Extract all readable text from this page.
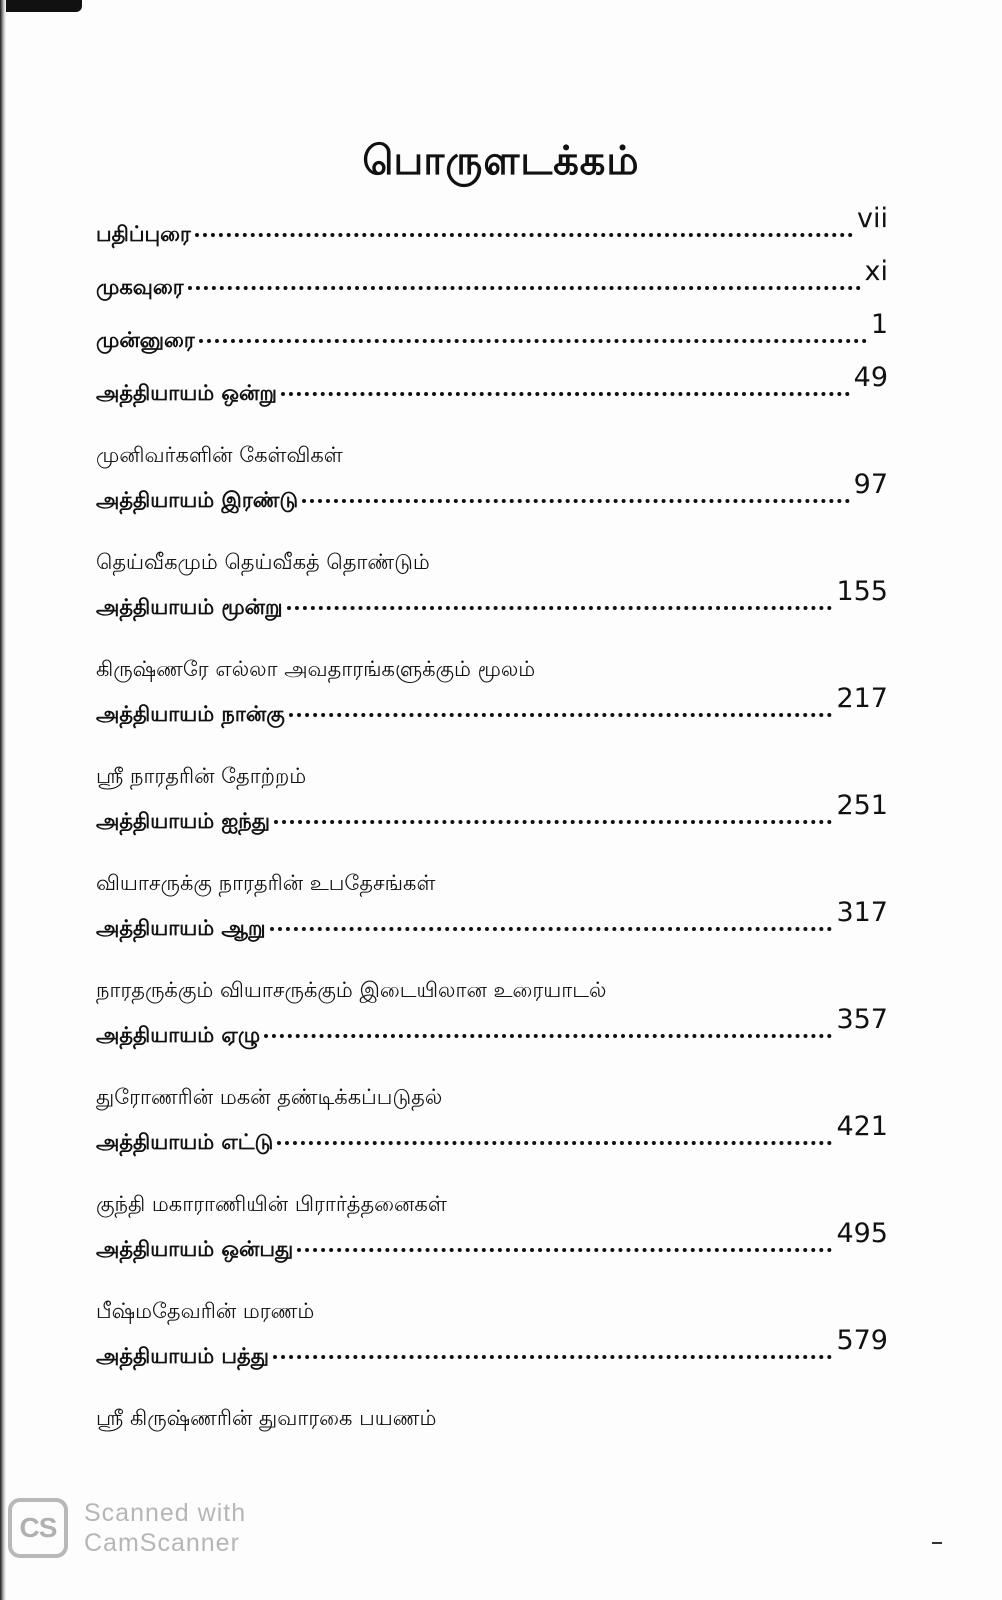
பொருளடக்கம்
பதிப்புரை	vii
முகவுரை	xi
முன்னுரை	1
அத்தியாயம் ஒன்று	49
முனிவர்களின் கேள்விகள்
அத்தியாயம் இரண்டு	97
தெய்வீகமும் தெய்வீகத் தொண்டும்
அத்தியாயம் மூன்று	155
கிருஷ்ணரே எல்லா அவதாரங்களுக்கும் மூலம்
அத்தியாயம் நான்கு	217
ஸ்ரீ நாரதரின் தோற்றம்
அத்தியாயம் ஐந்து	251
வியாசருக்கு நாரதரின் உபதேசங்கள்
அத்தியாயம் ஆறு	317
நாரதருக்கும் வியாசருக்கும் இடையிலான உரையாடல்
அத்தியாயம் ஏழு	357
துரோணரின் மகன் தண்டிக்கப்படுதல்
அத்தியாயம் எட்டு	421
குந்தி மகாராணியின் பிரார்த்தனைகள்
அத்தியாயம் ஒன்பது	495
பீஷ்மதேவரின் மரணம்
அத்தியாயம் பத்து	579
ஸ்ரீ கிருஷ்ணரின் துவாரகை பயணம்
CS	Scanned with
CamScanner
